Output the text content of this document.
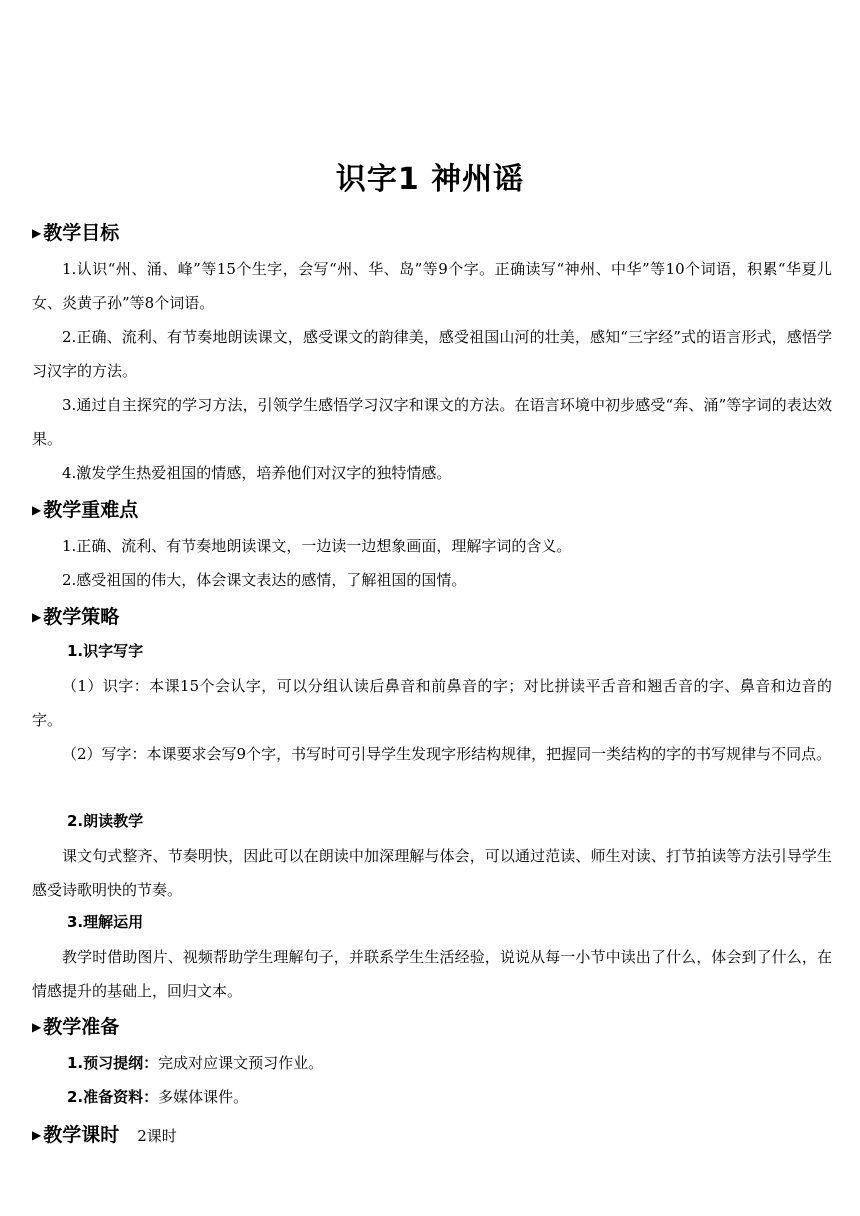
识字1 神州谣
▶ 教学目标

1.认识“州、涌、峰”等15个生字，会写“州、华、岛”等9个字。正确读写“神州、中华”等10个词语，积累“华夏儿女、炎黄子孙”等8个词语。

2.正确、流利、有节奏地朗读课文，感受课文的韵律美，感受祖国山河的壮美，感知“三字经”式的语言形式，感悟学习汉字的方法。

3.通过自主探究的学习方法，引领学生感悟学习汉字和课文的方法。在语言环境中初步感受“奔、涌”等字词的表达效果。

4.激发学生热爱祖国的情感，培养他们对汉字的独特情感。

▶ 教学重难点

1.正确、流利、有节奏地朗读课文，一边读一边想象画面，理解字词的含义。

2.感受祖国的伟大，体会课文表达的感情，了解祖国的国情。

▶ 教学策略
1.识字写字

（1）识字：本课15个会认字，可以分组认读后鼻音和前鼻音的字；对比拼读平舌音和翘舌音的字、鼻音和边音的字。

（2）写字：本课要求会写9个字，书写时可引导学生发现字形结构规律，把握同一类结构的字的书写规律与不同点。

2.朗读教学

课文句式整齐、节奏明快，因此可以在朗读中加深理解与体会，可以通过范读、师生对读、打节拍读等方法引导学生感受诗歌明快的节奏。

3.理解运用

教学时借助图片、视频帮助学生理解句子，并联系学生生活经验，说说从每一小节中读出了什么，体会到了什么，在情感提升的基础上，回归文本。

▶ 教学准备
1.预习提纲：完成对应课文预习作业。
2.准备资料：多媒体课件。
▶ 教学课时 2课时
